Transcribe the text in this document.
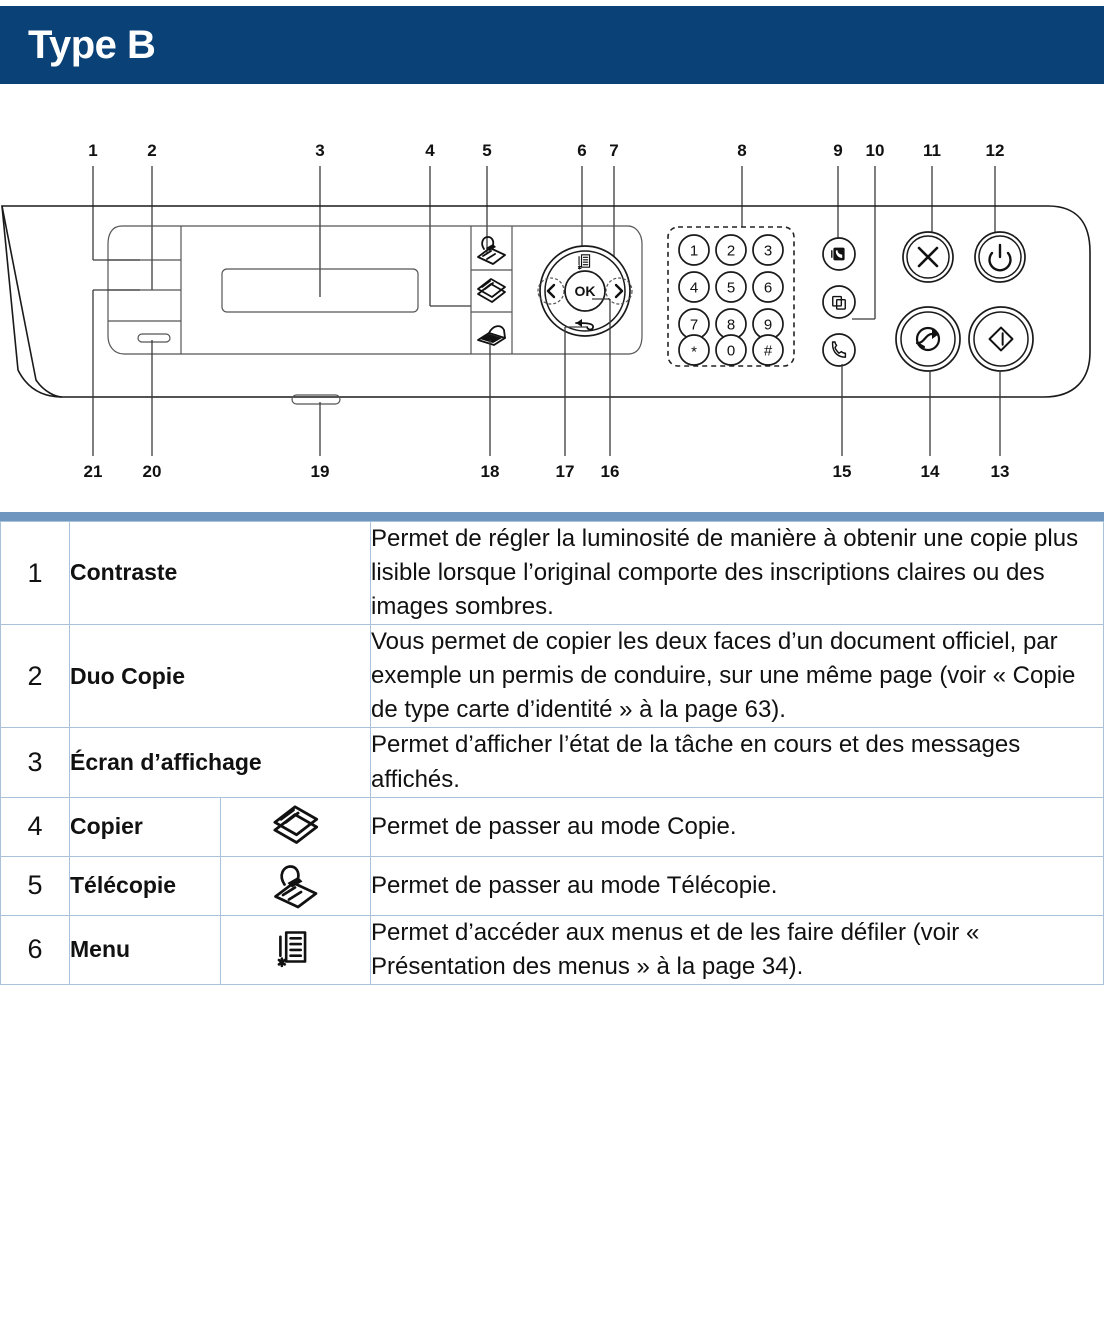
Type B
1	2	3	4	5	6 7	8	9 10 11	12
OK
1 2 3
4 5 6
7 8 9
* 0 #
21 20	19	18	17 16	15	14	13
1	Contraste		Permet de régler la luminosité de manière à obtenir une copie plus lisible lorsque l’original comporte des inscriptions claires ou des images sombres.
2	Duo Copie		Vous permet de copier les deux faces d’un document officiel, par exemple un permis de conduire, sur une même page (voir « Copie de type carte d’identité » à la page 63).
3	Écran d’affichage		Permet d’afficher l’état de la tâche en cours et des messages affichés.
4	Copier		Permet de passer au mode Copie.
5	Télécopie		Permet de passer au mode Télécopie.
6	Menu		Permet d’accéder aux menus et de les faire défiler (voir « Présentation des menus » à la page 34).
